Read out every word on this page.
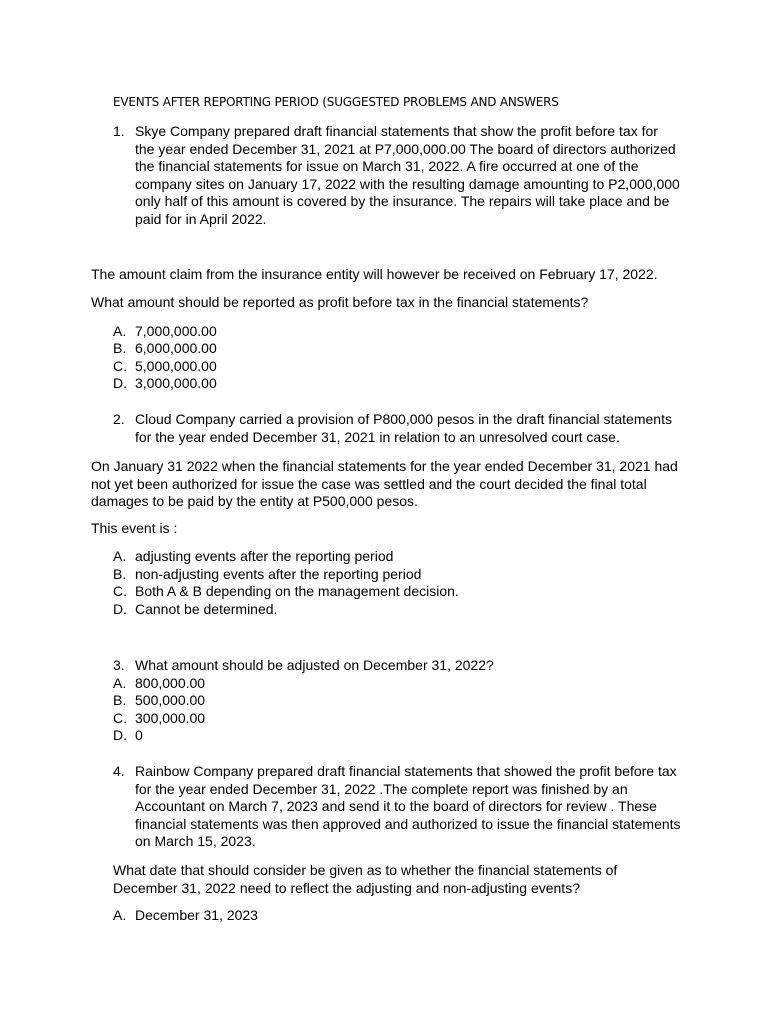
EVENTS AFTER REPORTING PERIOD (SUGGESTED PROBLEMS AND ANSWERS
1. Skye Company prepared draft financial statements that show the profit before tax for
the year ended December 31, 2021 at P7,000,000.00 The board of directors authorized
the financial statements for issue on March 31, 2022. A fire occurred at one of the
company sites on January 17, 2022 with the resulting damage amounting to P2,000,000
only half of this amount is covered by the insurance. The repairs will take place and be
paid for in April 2022.
The amount claim from the insurance entity will however be received on February 17, 2022.
What amount should be reported as profit before tax in the financial statements?
A. 7,000,000.00
B. 6,000,000.00
C. 5,000,000.00
D. 3,000,000.00
2. Cloud Company carried a provision of P800,000 pesos in the draft financial statements
for the year ended December 31, 2021 in relation to an unresolved court case.
On January 31 2022 when the financial statements for the year ended December 31, 2021 had
not yet been authorized for issue the case was settled and the court decided the final total
damages to be paid by the entity at P500,000 pesos.
This event is :
A. adjusting events after the reporting period
B. non-adjusting events after the reporting period
C. Both A & B depending on the management decision.
D. Cannot be determined.
3. What amount should be adjusted on December 31, 2022?
A. 800,000.00
B. 500,000.00
C. 300,000.00
D. 0
4. Rainbow Company prepared draft financial statements that showed the profit before tax
for the year ended December 31, 2022 .The complete report was finished by an
Accountant on March 7, 2023 and send it to the board of directors for review . These
financial statements was then approved and authorized to issue the financial statements
on March 15, 2023.
What date that should consider be given as to whether the financial statements of
December 31, 2022 need to reflect the adjusting and non-adjusting events?
A. December 31, 2023
